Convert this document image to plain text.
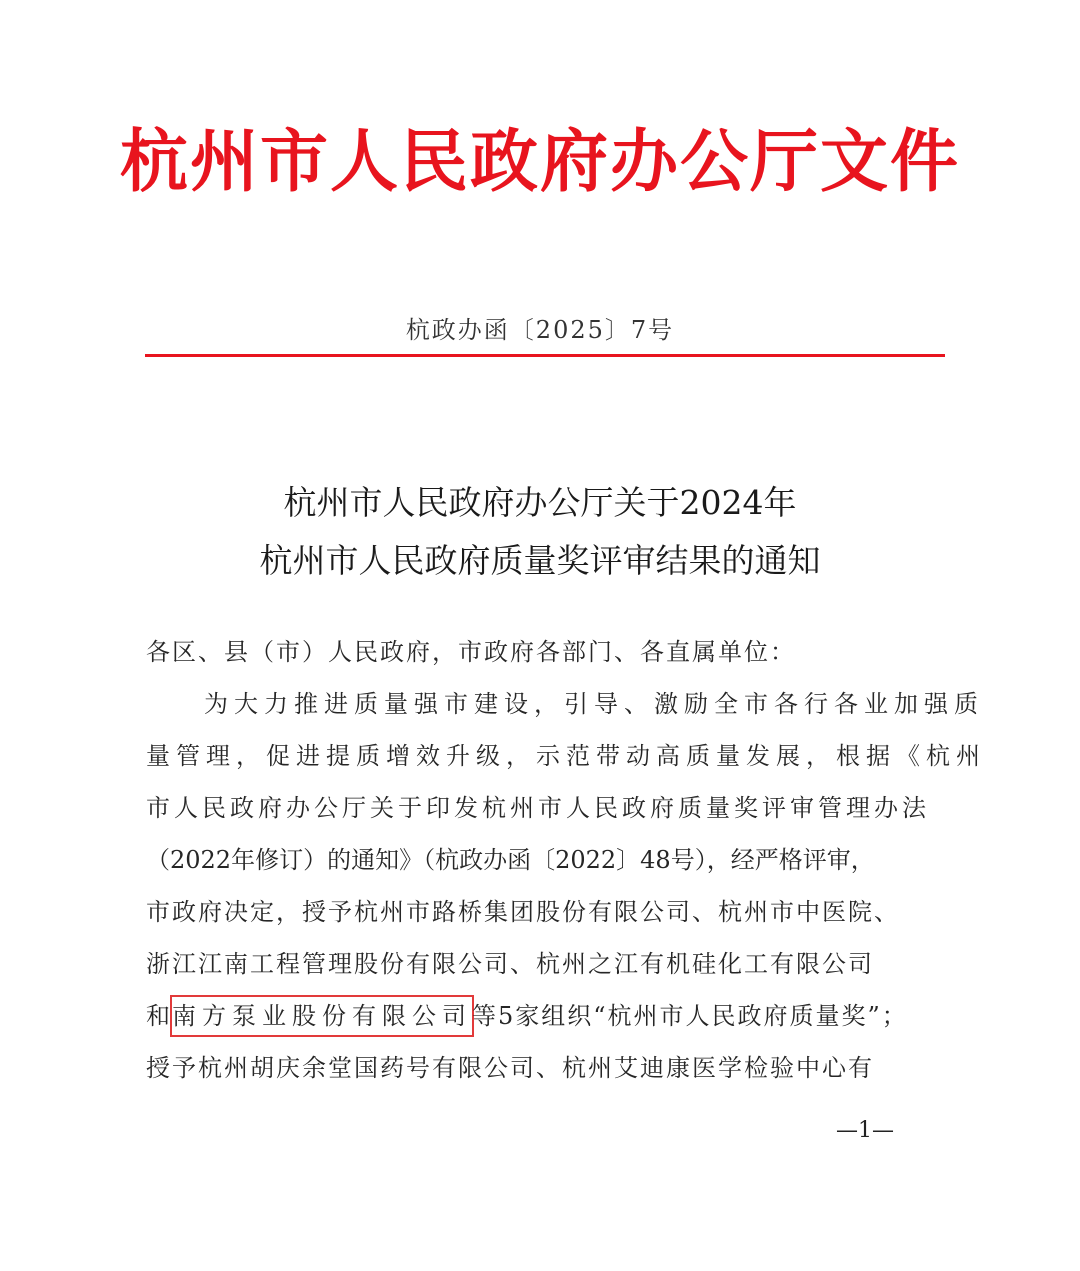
杭州市人民政府办公厅文件
杭政办函〔2025〕7号
杭州市人民政府办公厅关于2024年
杭州市人民政府质量奖评审结果的通知
各区、县（市）人民政府，市政府各部门、各直属单位：
为大力推进质量强市建设，引导、激励全市各行各业加强质
量管理，促进提质增效升级，示范带动高质量发展，根据《杭州
市人民政府办公厅关于印发杭州市人民政府质量奖评审管理办法
（2022年修订）的通知》（杭政办函〔2022〕48号），经严格评审，
市政府决定，授予杭州市路桥集团股份有限公司、杭州市中医院、
浙江江南工程管理股份有限公司、杭州之江有机硅化工有限公司
和南方泵业股份有限公司等5家组织“杭州市人民政府质量奖”；
授予杭州胡庆余堂国药号有限公司、杭州艾迪康医学检验中心有
—1—
